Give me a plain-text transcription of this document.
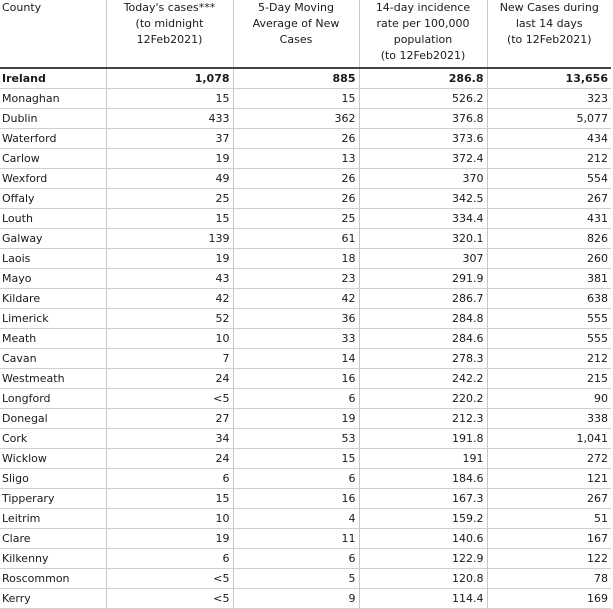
County	Today's cases***
(to midnight
12Feb2021)	5-Day Moving
Average of New
Cases	14-day incidence
rate per 100,000
population
(to 12Feb2021)	New Cases during
last 14 days
(to 12Feb2021)

Ireland	1,078	885	286.8	13,656
Monaghan	15	15	526.2	323
Dublin	433	362	376.8	5,077
Waterford	37	26	373.6	434
Carlow	19	13	372.4	212
Wexford	49	26	370	554
Offaly	25	26	342.5	267
Louth	15	25	334.4	431
Galway	139	61	320.1	826
Laois	19	18	307	260
Mayo	43	23	291.9	381
Kildare	42	42	286.7	638
Limerick	52	36	284.8	555
Meath	10	33	284.6	555
Cavan	7	14	278.3	212
Westmeath	24	16	242.2	215
Longford	<5	6	220.2	90
Donegal	27	19	212.3	338
Cork	34	53	191.8	1,041
Wicklow	24	15	191	272
Sligo	6	6	184.6	121
Tipperary	15	16	167.3	267
Leitrim	10	4	159.2	51
Clare	19	11	140.6	167
Kilkenny	6	6	122.9	122
Roscommon	<5	5	120.8	78
Kerry	<5	9	114.4	169
